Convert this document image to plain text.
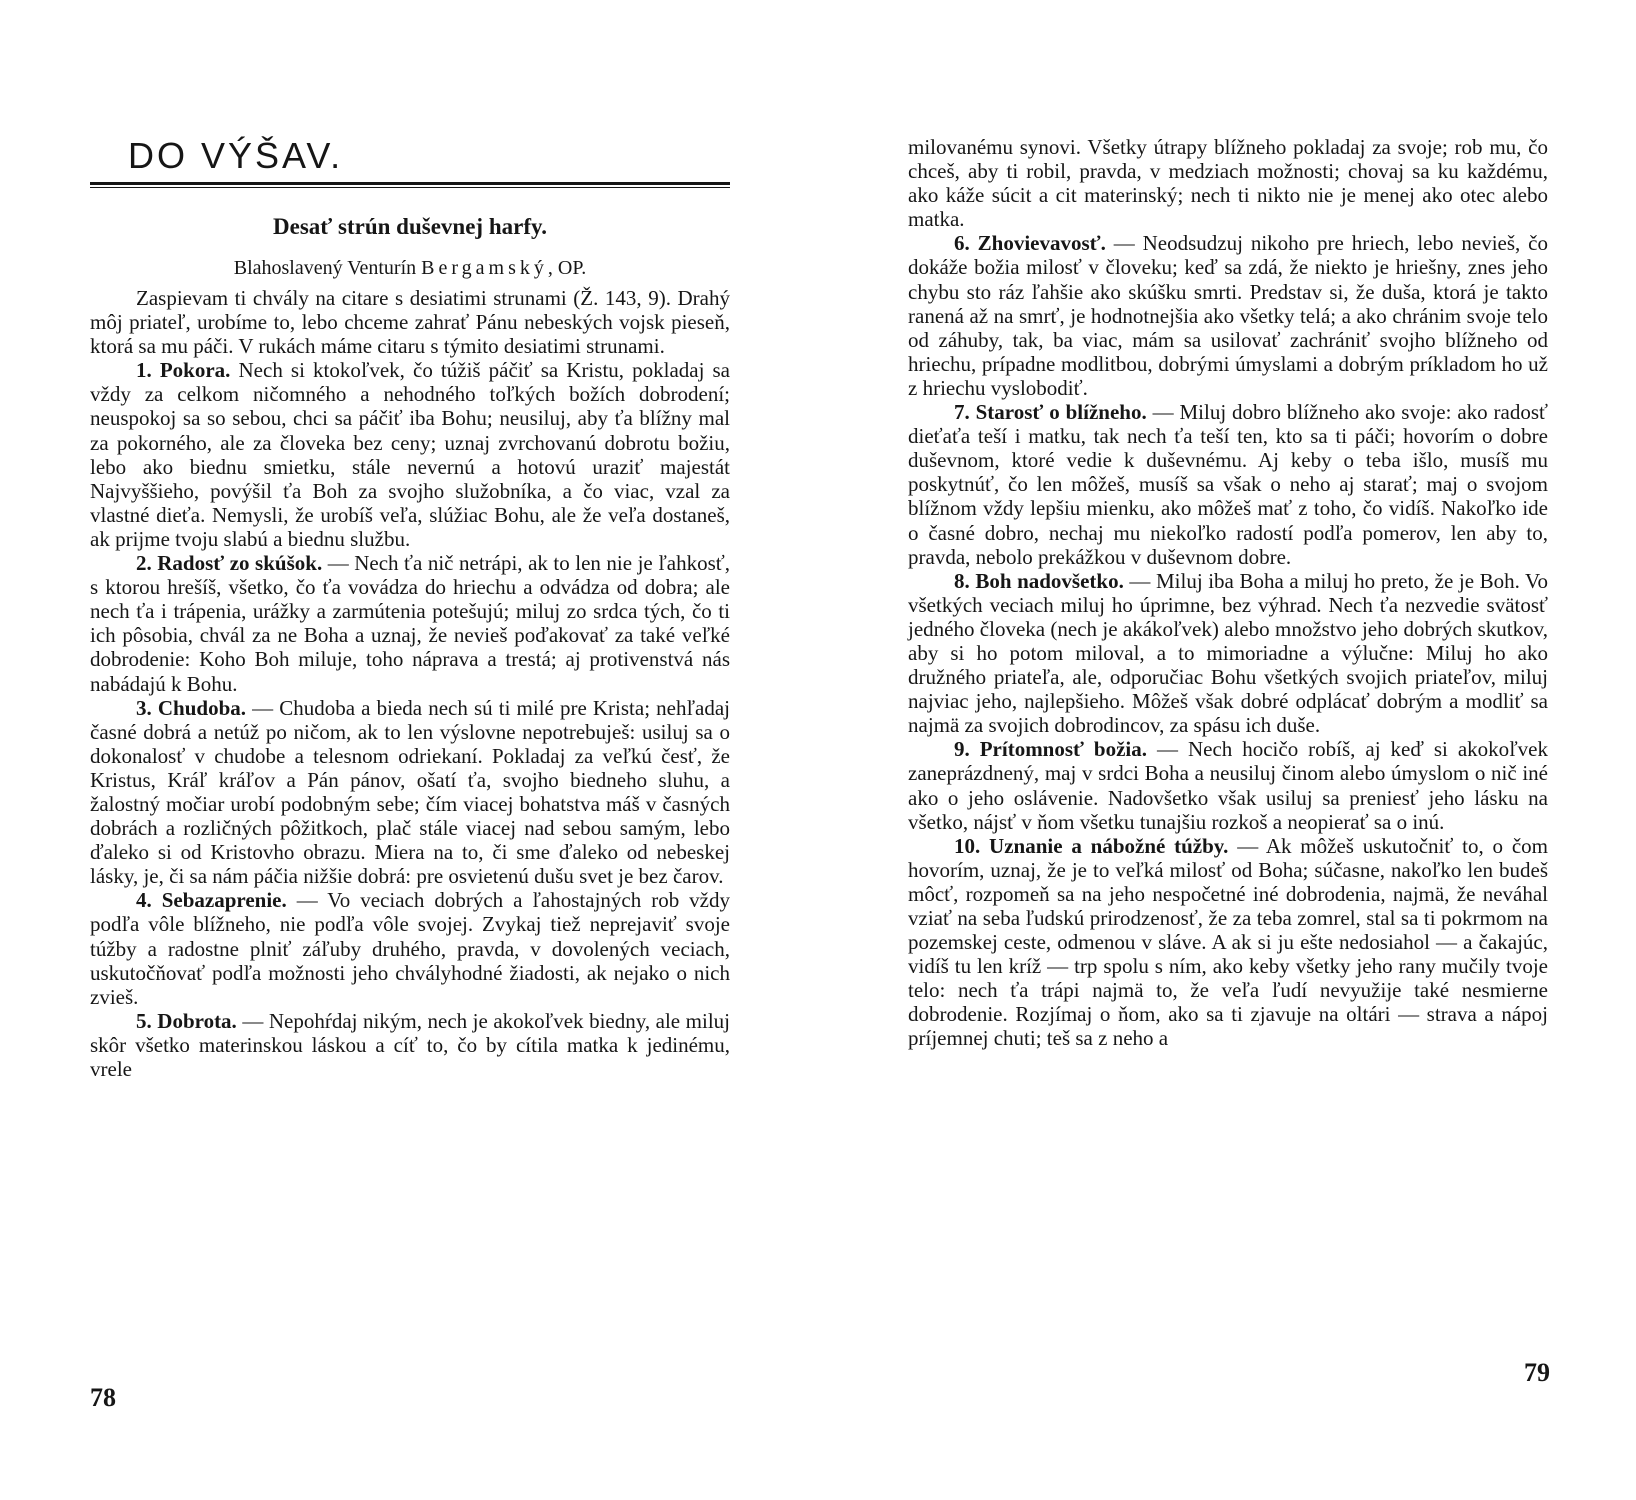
DO VÝŠAV.
Desať strún duševnej harfy.
Blahoslavený Venturín Bergamský, OP.

Zaspievam ti chvály na citare s desiatimi strunami (Ž. 143, 9). Drahý môj priateľ, urobíme to, lebo chceme zahrať Pánu nebeských vojsk pieseň, ktorá sa mu páči. V rukách máme citaru s týmito desiatimi strunami.

1. Pokora. Nech si ktokoľvek, čo túžiš páčiť sa Kristu, pokladaj sa vždy za celkom ničomného a nehodného toľkých božích dobrodení; neuspokoj sa so sebou, chci sa páčiť iba Bohu; neusiluj, aby ťa blížny mal za pokorného, ale za človeka bez ceny; uznaj zvrchovanú dobrotu božiu, lebo ako biednu smietku, stále nevernú a hotovú uraziť majestát Najvyššieho, povýšil ťa Boh za svojho služobníka, a čo viac, vzal za vlastné dieťa. Nemysli, že urobíš veľa, slúžiac Bohu, ale že veľa dostaneš, ak prijme tvoju slabú a biednu službu.

2. Radosť zo skúšok. — Nech ťa nič netrápi, ak to len nie je ľahkosť, s ktorou hrešíš, všetko, čo ťa vovádza do hriechu a odvádza od dobra; ale nech ťa i trápenia, urážky a zarmútenia potešujú; miluj zo srdca tých, čo ti ich pôsobia, chvál za ne Boha a uznaj, že nevieš poďakovať za také veľké dobrodenie: Koho Boh miluje, toho náprava a trestá; aj protivenstvá nás nabádajú k Bohu.

3. Chudoba. — Chudoba a bieda nech sú ti milé pre Krista; nehľadaj časné dobrá a netúž po ničom, ak to len výslovne nepotrebuješ: usiluj sa o dokonalosť v chudobe a telesnom odriekaní. Pokladaj za veľkú česť, že Kristus, Kráľ kráľov a Pán pánov, ošatí ťa, svojho biedneho sluhu, a žalostný močiar urobí podobným sebe; čím viacej bohatstva máš v časných dobrách a rozličných pôžitkoch, plač stále viacej nad sebou samým, lebo ďaleko si od Kristovho obrazu. Miera na to, či sme ďaleko od nebeskej lásky, je, či sa nám páčia nižšie dobrá: pre osvietenú dušu svet je bez čarov.

4. Sebazaprenie. — Vo veciach dobrých a ľahostajných rob vždy podľa vôle blížneho, nie podľa vôle svojej. Zvykaj tiež neprejaviť svoje túžby a radostne plniť záľuby druhého, pravda, v dovolených veciach, uskutočňovať podľa možnosti jeho chvályhodné žiadosti, ak nejako o nich zvieš.

5. Dobrota. — Nepohŕdaj nikým, nech je akokoľvek biedny, ale miluj skôr všetko materinskou láskou a cíť to, čo by cítila matka k jedinému, vrele

78

milovanému synovi. Všetky útrapy blížneho pokladaj za svoje; rob mu, čo chceš, aby ti robil, pravda, v medziach možnosti; chovaj sa ku každému, ako káže súcit a cit materinský; nech ti nikto nie je menej ako otec alebo matka.

6. Zhovievavosť. — Neodsudzuj nikoho pre hriech, lebo nevieš, čo dokáže božia milosť v človeku; keď sa zdá, že niekto je hriešny, znes jeho chybu sto ráz ľahšie ako skúšku smrti. Predstav si, že duša, ktorá je takto ranená až na smrť, je hodnotnejšia ako všetky telá; a ako chránim svoje telo od záhuby, tak, ba viac, mám sa usilovať zachrániť svojho blížneho od hriechu, prípadne modlitbou, dobrými úmyslami a dobrým príkladom ho už z hriechu vyslobodiť.

7. Starosť o blížneho. — Miluj dobro blížneho ako svoje: ako radosť dieťaťa teší i matku, tak nech ťa teší ten, kto sa ti páči; hovorím o dobre duševnom, ktoré vedie k duševnému. Aj keby o teba išlo, musíš mu poskytnúť, čo len môžeš, musíš sa však o neho aj starať; maj o svojom blížnom vždy lepšiu mienku, ako môžeš mať z toho, čo vidíš. Nakoľko ide o časné dobro, nechaj mu niekoľko radostí podľa pomerov, len aby to, pravda, nebolo prekážkou v duševnom dobre.

8. Boh nadovšetko. — Miluj iba Boha a miluj ho preto, že je Boh. Vo všetkých veciach miluj ho úprimne, bez výhrad. Nech ťa nezvedie svätosť jedného človeka (nech je akákoľvek) alebo množstvo jeho dobrých skutkov, aby si ho potom miloval, a to mimoriadne a výlučne: Miluj ho ako družného priateľa, ale, odporučiac Bohu všetkých svojich priateľov, miluj najviac jeho, najlepšieho. Môžeš však dobré odplácať dobrým a modliť sa najmä za svojich dobrodincov, za spásu ich duše.

9. Prítomnosť božia. — Nech hocičo robíš, aj keď si akokoľvek zaneprázdnený, maj v srdci Boha a neusiluj činom alebo úmyslom o nič iné ako o jeho oslávenie. Nadovšetko však usiluj sa preniesť jeho lásku na všetko, nájsť v ňom všetku tunajšiu rozkoš a neopierať sa o inú.

10. Uznanie a nábožné túžby. — Ak môžeš uskutočniť to, o čom hovorím, uznaj, že je to veľká milosť od Boha; súčasne, nakoľko len budeš môcť, rozpomeň sa na jeho nespočetné iné dobrodenia, najmä, že neváhal vziať na seba ľudskú prirodzenosť, že za teba zomrel, stal sa ti pokrmom na pozemskej ceste, odmenou v sláve. A ak si ju ešte nedosiahol — a čakajúc, vidíš tu len kríž — trp spolu s ním, ako keby všetky jeho rany mučily tvoje telo: nech ťa trápi najmä to, že veľa ľudí nevyužije také nesmierne dobrodenie. Rozjímaj o ňom, ako sa ti zjavuje na oltári — strava a nápoj príjemnej chuti; teš sa z neho a

79
